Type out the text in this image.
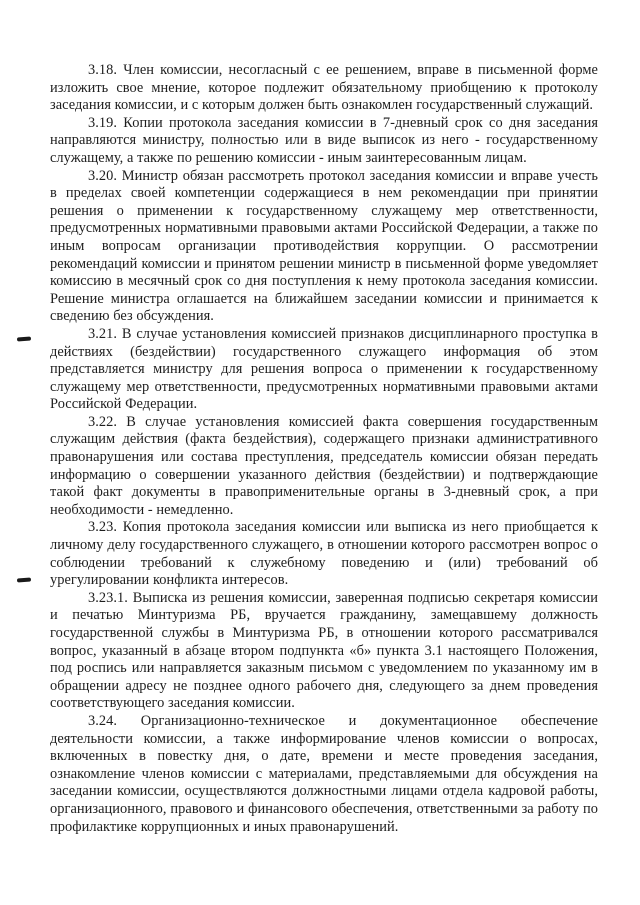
3.18. Член комиссии, несогласный с ее решением, вправе в письменной форме изложить свое мнение, которое подлежит обязательному приобщению к протоколу заседания комиссии, и с которым должен быть ознакомлен государственный служащий.

3.19. Копии протокола заседания комиссии в 7-дневный срок со дня заседания направляются министру, полностью или в виде выписок из него - государственному служащему, а также по решению комиссии - иным заинтересованным лицам.

3.20. Министр обязан рассмотреть протокол заседания комиссии и вправе учесть в пределах своей компетенции содержащиеся в нем рекомендации при принятии решения о применении к государственному служащему мер ответственности, предусмотренных нормативными правовыми актами Российской Федерации, а также по иным вопросам организации противодействия коррупции. О рассмотрении рекомендаций комиссии и принятом решении министр в письменной форме уведомляет комиссию в месячный срок со дня поступления к нему протокола заседания комиссии. Решение министра оглашается на ближайшем заседании комиссии и принимается к сведению без обсуждения.

3.21. В случае установления комиссией признаков дисциплинарного проступка в действиях (бездействии) государственного служащего информация об этом представляется министру для решения вопроса о применении к государственному служащему мер ответственности, предусмотренных нормативными правовыми актами Российской Федерации.

3.22. В случае установления комиссией факта совершения государственным служащим действия (факта бездействия), содержащего признаки административного правонарушения или состава преступления, председатель комиссии обязан передать информацию о совершении указанного действия (бездействии) и подтверждающие такой факт документы в правоприменительные органы в 3-дневный срок, а при необходимости - немедленно.

3.23. Копия протокола заседания комиссии или выписка из него приобщается к личному делу государственного служащего, в отношении которого рассмотрен вопрос о соблюдении требований к служебному поведению и (или) требований об урегулировании конфликта интересов.

3.23.1. Выписка из решения комиссии, заверенная подписью секретаря комиссии и печатью Минтуризма РБ, вручается гражданину, замещавшему должность государственной службы в Минтуризма РБ, в отношении которого рассматривался вопрос, указанный в абзаце втором подпункта «б» пункта 3.1 настоящего Положения, под роспись или направляется заказным письмом с уведомлением по указанному им в обращении адресу не позднее одного рабочего дня, следующего за днем проведения соответствующего заседания комиссии.

3.24. Организационно-техническое и документационное обеспечение деятельности комиссии, а также информирование членов комиссии о вопросах, включенных в повестку дня, о дате, времени и месте проведения заседания, ознакомление членов комиссии с материалами, представляемыми для обсуждения на заседании комиссии, осуществляются должностными лицами отдела кадровой работы, организационного, правового и финансового обеспечения, ответственными за работу по профилактике коррупционных и иных правонарушений.
